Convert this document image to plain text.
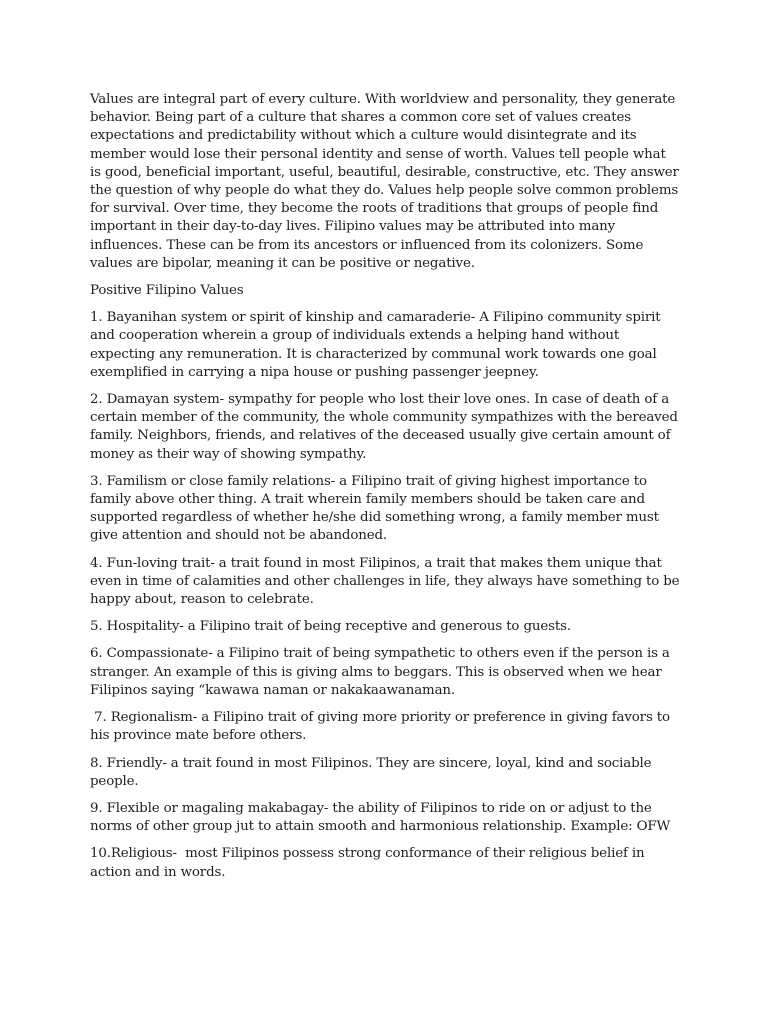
Values are integral part of every culture. With worldview and personality, they generate behavior. Being part of a culture that shares a common core set of values creates expectations and predictability without which a culture would disintegrate and its member would lose their personal identity and sense of worth. Values tell people what is good, beneficial important, useful, beautiful, desirable, constructive, etc. They answer the question of why people do what they do. Values help people solve common problems for survival. Over time, they become the roots of traditions that groups of people find important in their day-to-day lives. Filipino values may be attributed into many influences. These can be from its ancestors or influenced from its colonizers. Some values are bipolar, meaning it can be positive or negative.

Positive Filipino Values

1. Bayanihan system or spirit of kinship and camaraderie- A Filipino community spirit and cooperation wherein a group of individuals extends a helping hand without expecting any remuneration. It is characterized by communal work towards one goal exemplified in carrying a nipa house or pushing passenger jeepney.

2. Damayan system- sympathy for people who lost their love ones. In case of death of a certain member of the community, the whole community sympathizes with the bereaved family. Neighbors, friends, and relatives of the deceased usually give certain amount of money as their way of showing sympathy.

3. Familism or close family relations- a Filipino trait of giving highest importance to family above other thing. A trait wherein family members should be taken care and supported regardless of whether he/she did something wrong, a family member must give attention and should not be abandoned.

4. Fun-loving trait- a trait found in most Filipinos, a trait that makes them unique that even in time of calamities and other challenges in life, they always have something to be happy about, reason to celebrate.

5. Hospitality- a Filipino trait of being receptive and generous to guests.

6. Compassionate- a Filipino trait of being sympathetic to others even if the person is a stranger. An example of this is giving alms to beggars. This is observed when we hear Filipinos saying “kawawa naman or nakakaawanaman.

7. Regionalism- a Filipino trait of giving more priority or preference in giving favors to his province mate before others.

8. Friendly- a trait found in most Filipinos. They are sincere, loyal, kind and sociable people.

9. Flexible or magaling makabagay- the ability of Filipinos to ride on or adjust to the norms of other group jut to attain smooth and harmonious relationship. Example: OFW

10.Religious-  most Filipinos possess strong conformance of their religious belief in action and in words.
